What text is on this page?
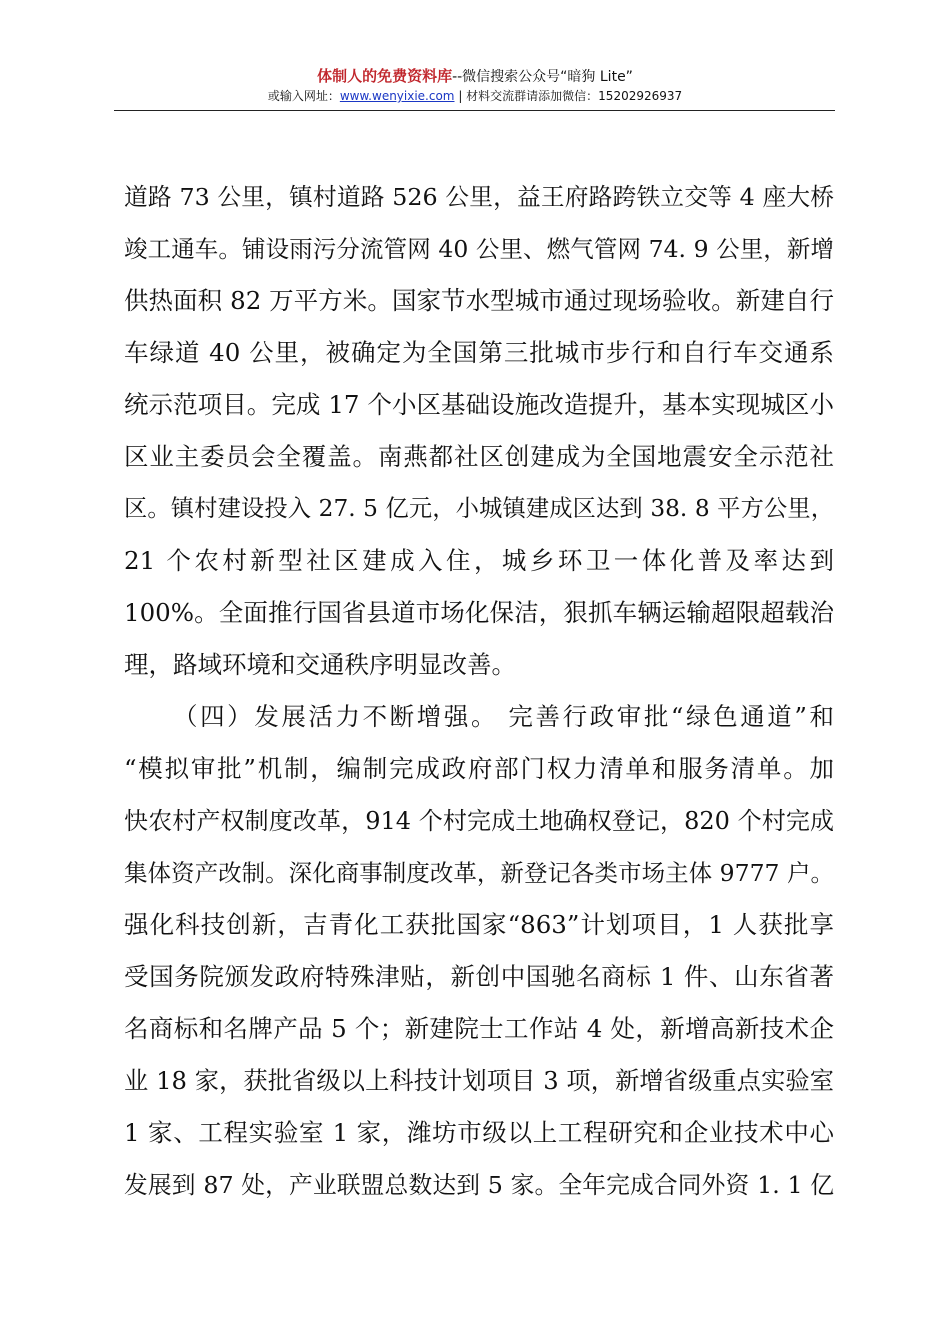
体制人的免费资料库--微信搜索公众号“暗狗 Lite”
或输入网址：www.wenyixie.com | 材料交流群请添加微信：15202926937
道路 73 公里，镇村道路 526 公里，益王府路跨铁立交等 4 座大桥
竣工通车。铺设雨污分流管网 40 公里、燃气管网 74. 9 公里，新增
供热面积 82 万平方米。国家节水型城市通过现场验收。新建自行
车绿道 40 公里，被确定为全国第三批城市步行和自行车交通系
统示范项目。完成 17 个小区基础设施改造提升，基本实现城区小
区业主委员会全覆盖。南燕都社区创建成为全国地震安全示范社
区。镇村建设投入 27. 5 亿元，小城镇建成区达到 38. 8 平方公里，
21 个农村新型社区建成入住，城乡环卫一体化普及率达到
100%。全面推行国省县道市场化保洁，狠抓车辆运输超限超载治
理，路域环境和交通秩序明显改善。
（四）发展活力不断增强。 完善行政审批“绿色通道”和
“模拟审批”机制，编制完成政府部门权力清单和服务清单。加
快农村产权制度改革，914 个村完成土地确权登记，820 个村完成
集体资产改制。深化商事制度改革，新登记各类市场主体 9777 户。
强化科技创新，吉青化工获批国家“863”计划项目，1 人获批享
受国务院颁发政府特殊津贴，新创中国驰名商标 1 件、山东省著
名商标和名牌产品 5 个；新建院士工作站 4 处，新增高新技术企
业 18 家，获批省级以上科技计划项目 3 项，新增省级重点实验室
1 家、工程实验室 1 家，潍坊市级以上工程研究和企业技术中心
发展到 87 处，产业联盟总数达到 5 家。全年完成合同外资 1. 1 亿
